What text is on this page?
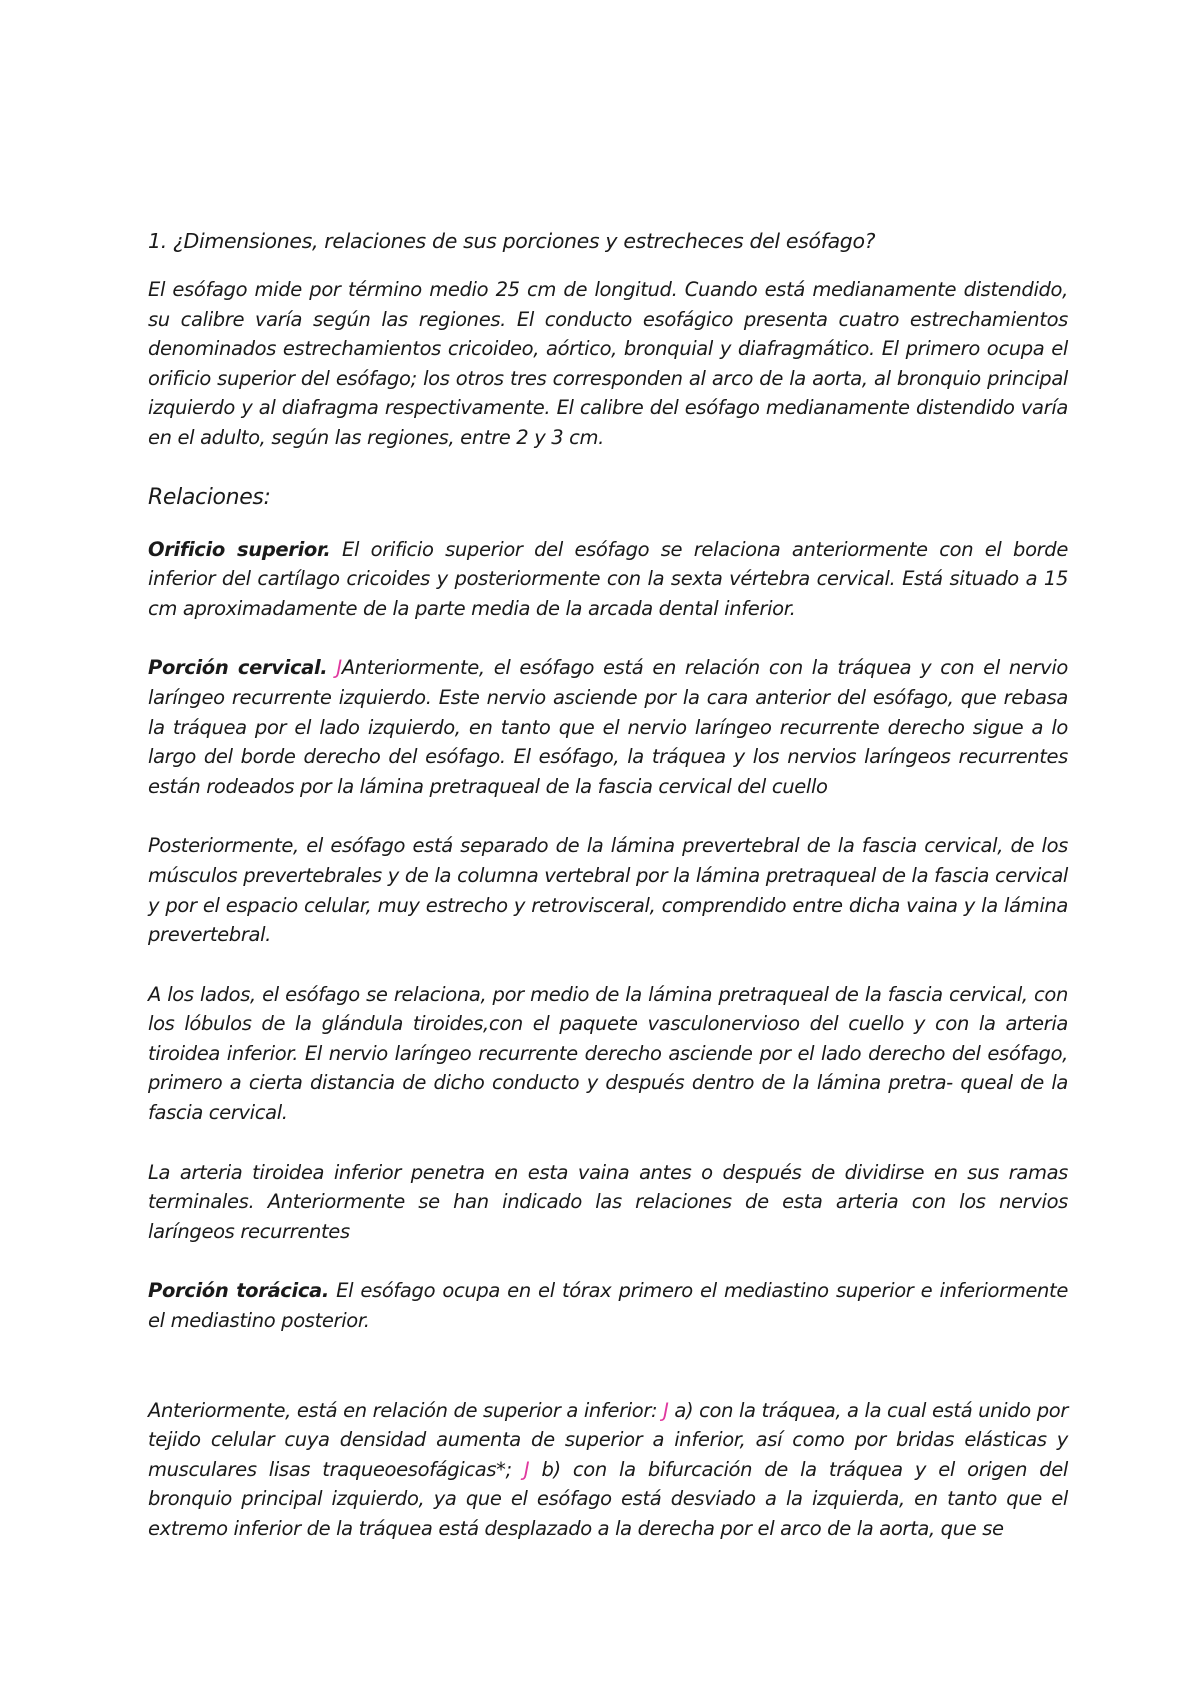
1. ¿Dimensiones, relaciones de sus porciones y estrecheces del esófago?

El esófago mide por término medio 25 cm de longitud. Cuando está medianamente distendido, su calibre varía según las regiones. El conducto esofágico presenta cuatro estrechamientos denominados estrechamientos cricoideo, aórtico, bronquial y diafragmático. El primero ocupa el orificio superior del esófago; los otros tres corresponden al arco de la aorta, al bronquio principal izquierdo y al diafragma respectivamente. El calibre del esófago medianamente distendido varía en el adulto, según las regiones, entre 2 y 3 cm.

Relaciones:

Orificio superior. El orificio superior del esófago se relaciona anteriormente con el borde inferior del cartílago cricoides y posteriormente con la sexta vértebra cervical. Está situado a 15 cm aproximadamente de la parte media de la arcada dental inferior.

Porción cervical. JAnteriormente, el esófago está en relación con la tráquea y con el nervio laríngeo recurrente izquierdo. Este nervio asciende por la cara anterior del esófago, que rebasa la tráquea por el lado izquierdo, en tanto que el nervio laríngeo recurrente derecho sigue a lo largo del borde derecho del esófago. El esófago, la tráquea y los nervios laríngeos recurrentes están rodeados por la lámina pretraqueal de la fascia cervical del cuello

Posteriormente, el esófago está separado de la lámina prevertebral de la fascia cervical, de los músculos prevertebrales y de la columna vertebral por la lámina pretraqueal de la fascia cervical y por el espacio celular, muy estrecho y retrovisceral, comprendido entre dicha vaina y la lámina prevertebral.

A los lados, el esófago se relaciona, por medio de la lámina pretraqueal de la fascia cervical, con los lóbulos de la glándula tiroides,con el paquete vasculonervioso del cuello y con la arteria tiroidea inferior. El nervio laríngeo recurrente derecho asciende por el lado derecho del esófago, primero a cierta distancia de dicho conducto y después dentro de la lámina pretra- queal de la fascia cervical.

La arteria tiroidea inferior penetra en esta vaina antes o después de dividirse en sus ramas terminales. Anteriormente se han indicado las relaciones de esta arteria con los nervios laríngeos recurrentes

Porción torácica. El esófago ocupa en el tórax primero el mediastino superior e inferiormente el mediastino posterior.

Anteriormente, está en relación de superior a inferior: J a) con la tráquea, a la cual está unido por tejido celular cuya densidad aumenta de superior a inferior, así como por bridas elásticas y musculares lisas traqueoesofágicas*; J b) con la bifurcación de la tráquea y el origen del bronquio principal izquierdo, ya que el esófago está desviado a la izquierda, en tanto que el extremo inferior de la tráquea está desplazado a la derecha por el arco de la aorta, que se
